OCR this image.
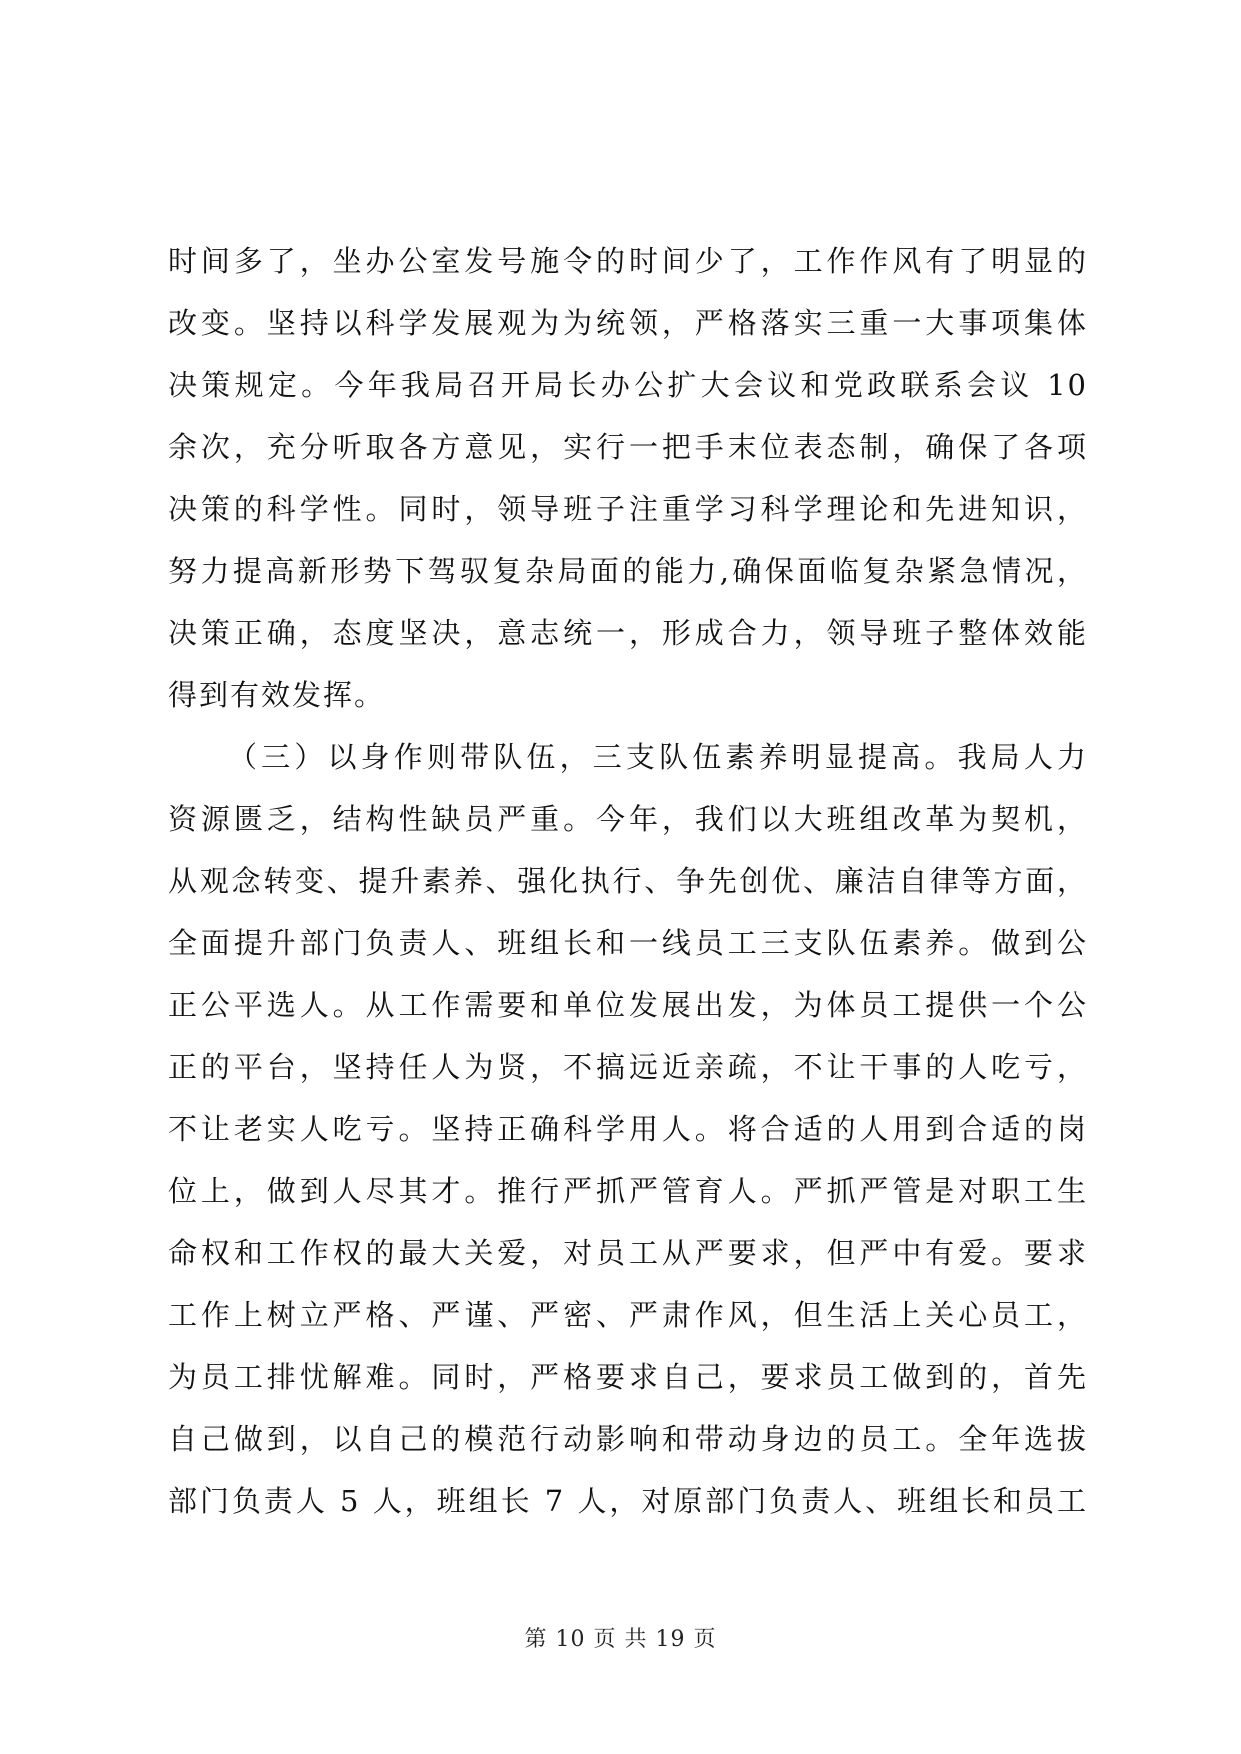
时间多了，坐办公室发号施令的时间少了，工作作风有了明显的
改变。坚持以科学发展观为为统领，严格落实三重一大事项集体
决策规定。今年我局召开局长办公扩大会议和党政联系会议 10
余次，充分听取各方意见，实行一把手末位表态制，确保了各项
决策的科学性。同时，领导班子注重学习科学理论和先进知识，
努力提高新形势下驾驭复杂局面的能力,确保面临复杂紧急情况，
决策正确，态度坚决，意志统一，形成合力，领导班子整体效能
得到有效发挥。
（三）以身作则带队伍，三支队伍素养明显提高。我局人力
资源匮乏，结构性缺员严重。今年，我们以大班组改革为契机，
从观念转变、提升素养、强化执行、争先创优、廉洁自律等方面，
全面提升部门负责人、班组长和一线员工三支队伍素养。做到公
正公平选人。从工作需要和单位发展出发，为体员工提供一个公
正的平台，坚持任人为贤，不搞远近亲疏，不让干事的人吃亏，
不让老实人吃亏。坚持正确科学用人。将合适的人用到合适的岗
位上，做到人尽其才。推行严抓严管育人。严抓严管是对职工生
命权和工作权的最大关爱，对员工从严要求，但严中有爱。要求
工作上树立严格、严谨、严密、严肃作风，但生活上关心员工，
为员工排忧解难。同时，严格要求自己，要求员工做到的，首先
自己做到，以自己的模范行动影响和带动身边的员工。全年选拔
部门负责人 5 人，班组长 7 人，对原部门负责人、班组长和员工
第 10 页 共 19 页
